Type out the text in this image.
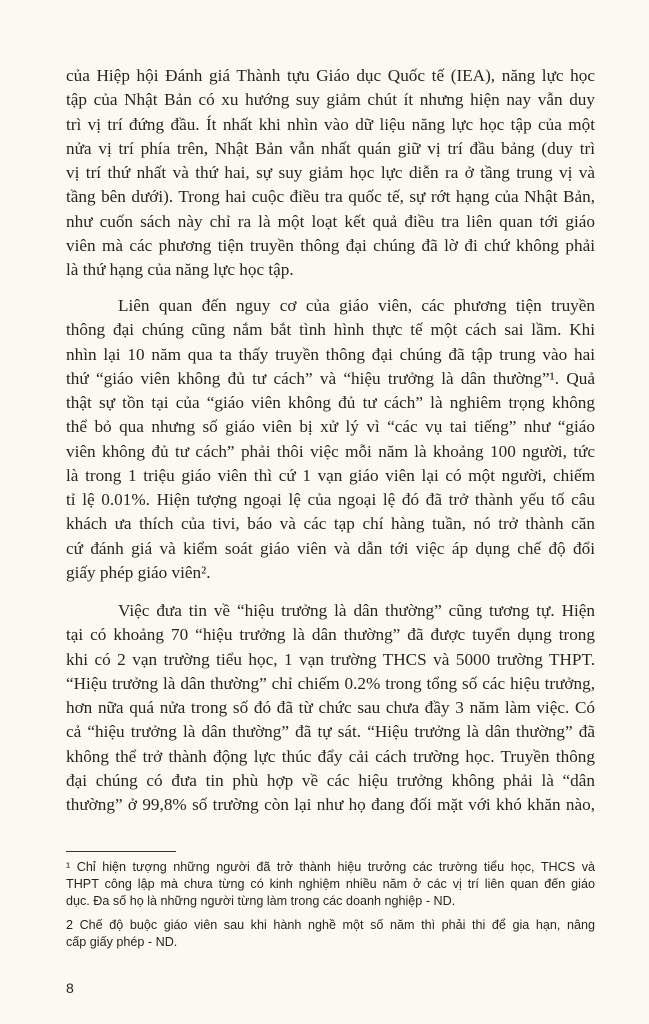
của Hiệp hội Đánh giá Thành tựu Giáo dục Quốc tế (IEA), năng lực học
tập của Nhật Bản có xu hướng suy giảm chút ít nhưng hiện nay vẫn duy
trì vị trí đứng đầu. Ít nhất khi nhìn vào dữ liệu năng lực học tập của một
nửa vị trí phía trên, Nhật Bản vẫn nhất quán giữ vị trí đầu bảng (duy trì
vị trí thứ nhất và thứ hai, sự suy giảm học lực diễn ra ở tầng trung vị và
tầng bên dưới). Trong hai cuộc điều tra quốc tế, sự rớt hạng của Nhật Bản,
như cuốn sách này chỉ ra là một loạt kết quả điều tra liên quan tới giáo
viên mà các phương tiện truyền thông đại chúng đã lờ đi chứ không phải
là thứ hạng của năng lực học tập.
Liên quan đến nguy cơ của giáo viên, các phương tiện truyền
thông đại chúng cũng nắm bắt tình hình thực tế một cách sai lầm. Khi
nhìn lại 10 năm qua ta thấy truyền thông đại chúng đã tập trung vào hai
thứ “giáo viên không đủ tư cách” và “hiệu trưởng là dân thường”¹. Quả
thật sự tồn tại của “giáo viên không đủ tư cách” là nghiêm trọng không
thể bỏ qua nhưng số giáo viên bị xử lý vì “các vụ tai tiếng” như “giáo
viên không đủ tư cách” phải thôi việc mỗi năm là khoảng 100 người, tức
là trong 1 triệu giáo viên thì cứ 1 vạn giáo viên lại có một người, chiếm
tỉ lệ 0.01%. Hiện tượng ngoại lệ của ngoại lệ đó đã trở thành yếu tố câu
khách ưa thích của tivi, báo và các tạp chí hàng tuần, nó trở thành căn
cứ đánh giá và kiểm soát giáo viên và dẫn tới việc áp dụng chế độ đổi
giấy phép giáo viên².
Việc đưa tin về “hiệu trưởng là dân thường” cũng tương tự. Hiện
tại có khoảng 70 “hiệu trưởng là dân thường” đã được tuyển dụng trong
khi có 2 vạn trường tiểu học, 1 vạn trường THCS và 5000 trường THPT.
“Hiệu trưởng là dân thường” chỉ chiếm 0.2% trong tổng số các hiệu trưởng,
hơn nữa quá nửa trong số đó đã từ chức sau chưa đầy 3 năm làm việc. Có
cả “hiệu trưởng là dân thường” đã tự sát. “Hiệu trưởng là dân thường” đã
không thể trở thành động lực thúc đẩy cải cách trường học. Truyền thông
đại chúng có đưa tin phù hợp về các hiệu trưởng không phải là “dân
thường” ở 99,8% số trường còn lại như họ đang đối mặt với khó khăn nào,
¹ Chỉ hiện tượng những người đã trở thành hiệu trưởng các trường tiểu học, THCS và
THPT công lập mà chưa từng có kinh nghiệm nhiều năm ở các vị trí liên quan đến giáo
dục. Đa số họ là những người từng làm trong các doanh nghiệp - ND.
2 Chế độ buộc giáo viên sau khi hành nghề một số năm thì phải thi để gia hạn, nâng
cấp giấy phép - ND.
8
